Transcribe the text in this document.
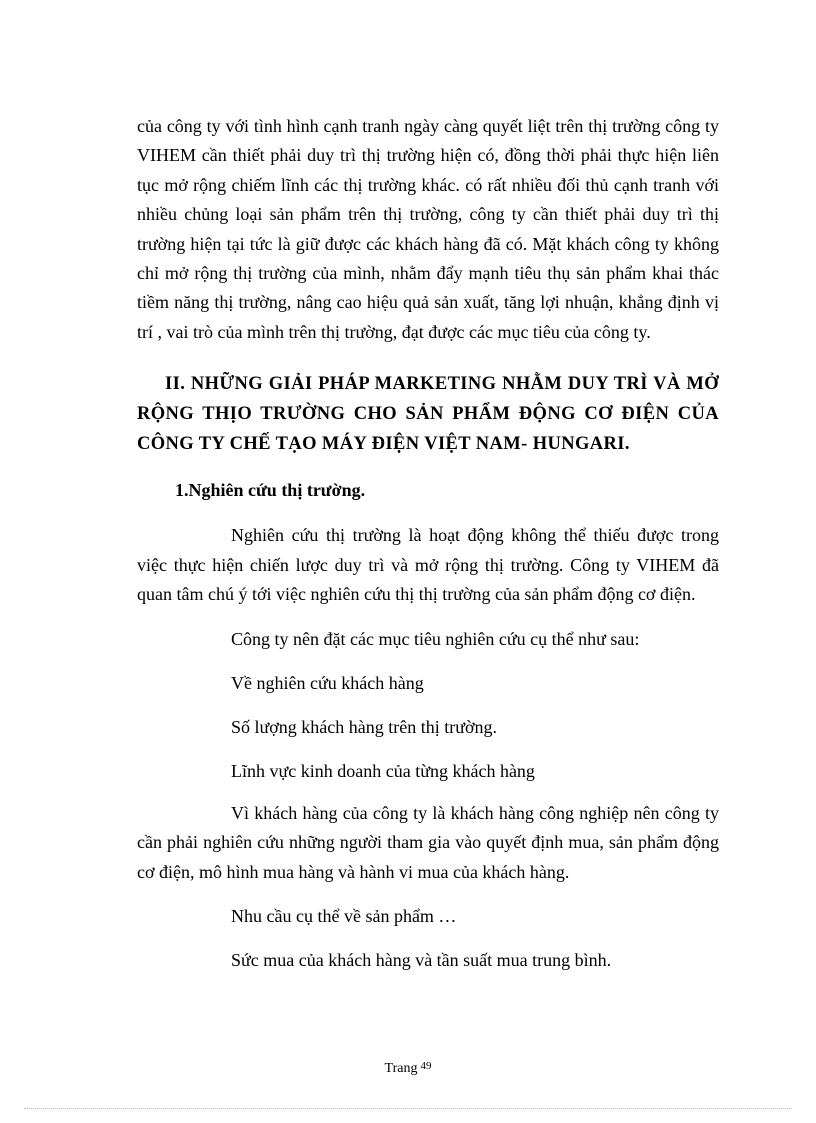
của công ty với tình hình cạnh tranh ngày càng quyết liệt trên thị trường công ty VIHEM cần thiết phải duy trì thị trường hiện có, đồng thời phải thực hiện liên tục mở rộng chiếm lĩnh các thị trường khác. có rất nhiều đối thủ cạnh tranh với nhiều chủng loại sản phẩm trên thị trường, công ty cần thiết phải duy trì thị trường hiện tại tức là giữ được các khách hàng đã có. Mặt khách công ty không chỉ mở rộng thị trường của mình, nhằm đẩy mạnh tiêu thụ sản phẩm khai thác tiềm năng thị trường, nâng cao hiệu quả sản xuất, tăng lợi nhuận, khẳng định vị trí , vai trò của mình trên thị trường, đạt được các mục tiêu của công ty.

II. NHỮNG GIẢI PHÁP MARKETING NHẰM DUY TRÌ VÀ MỞ RỘNG THỊO TRƯỜNG CHO SẢN PHẨM ĐỘNG CƠ ĐIỆN CỦA CÔNG TY CHẾ TẠO MÁY ĐIỆN VIỆT NAM- HUNGARI.

1.Nghiên cứu thị trường.

Nghiên cứu thị trường là hoạt động không thể thiếu được trong việc thực hiện chiến lược duy trì và mở rộng thị trường. Công ty VIHEM đã quan tâm chú ý tới việc nghiên cứu thị thị trường của sản phẩm động cơ điện.

Công ty nên đặt các mục tiêu nghiên cứu cụ thể như sau:

Về nghiên cứu khách hàng

Số lượng khách hàng trên thị trường.

Lĩnh vực kinh doanh của từng khách hàng

Vì khách hàng của công ty là khách hàng công nghiệp nên công ty cần phải nghiên cứu những người tham gia vào quyết định mua, sản phẩm động cơ điện, mô hình mua hàng và hành vi mua của khách hàng.

Nhu cầu cụ thể về sản phẩm …

Sức mua của khách hàng và tần suất mua trung bình.

Trang $^{49}$
